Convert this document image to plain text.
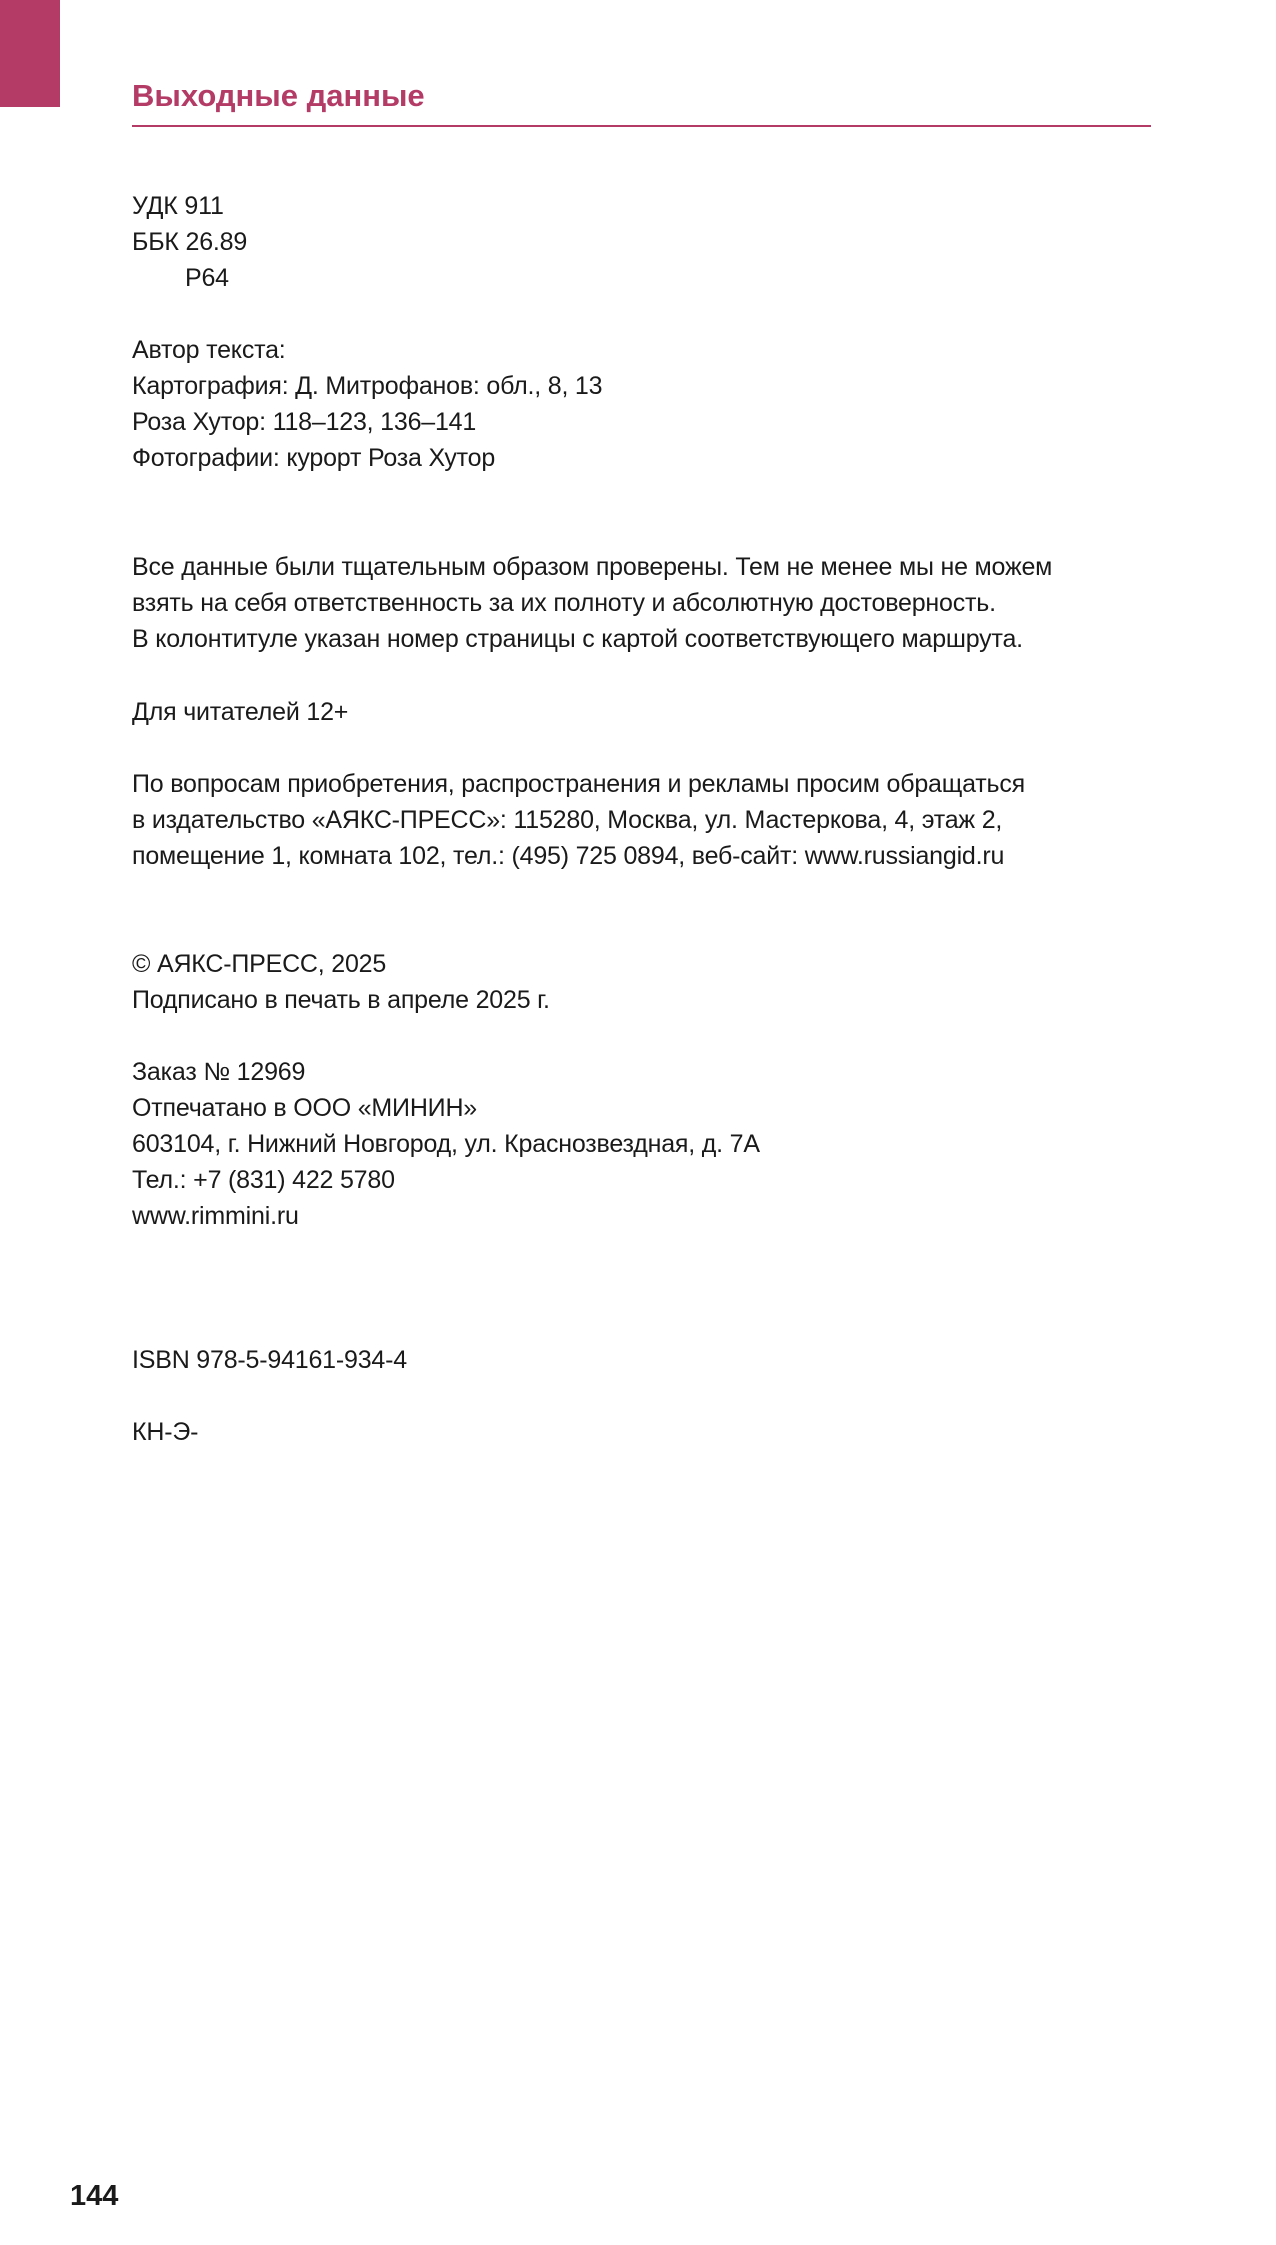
Выходные данные
УДК 911
ББК 26.89
Р64
Автор текста:
Картография: Д. Митрофанов: обл., 8, 13
Роза Хутор: 118–123, 136–141
Фотографии: курорт Роза Хутор
Все данные были тщательным образом проверены. Тем не менее мы не можем
взять на себя ответственность за их полноту и абсолютную достоверность.
В колонтитуле указан номер страницы с картой соответствующего маршрута.
Для читателей 12+
По вопросам приобретения, распространения и рекламы просим обращаться
в издательство «АЯКС-ПРЕСС»: 115280, Москва, ул. Мастеркова, 4, этаж 2,
помещение 1, комната 102, тел.: (495) 725 0894, веб-сайт: www.russiangid.ru
© АЯКС-ПРЕСС, 2025
Подписано в печать в апреле 2025 г.
Заказ № 12969
Отпечатано в ООО «МИНИН»
603104, г. Нижний Новгород, ул. Краснозвездная, д. 7А
Тел.: +7 (831) 422 5780
www.rimmini.ru
ISBN 978-5-94161-934-4
КН-Э-
144
